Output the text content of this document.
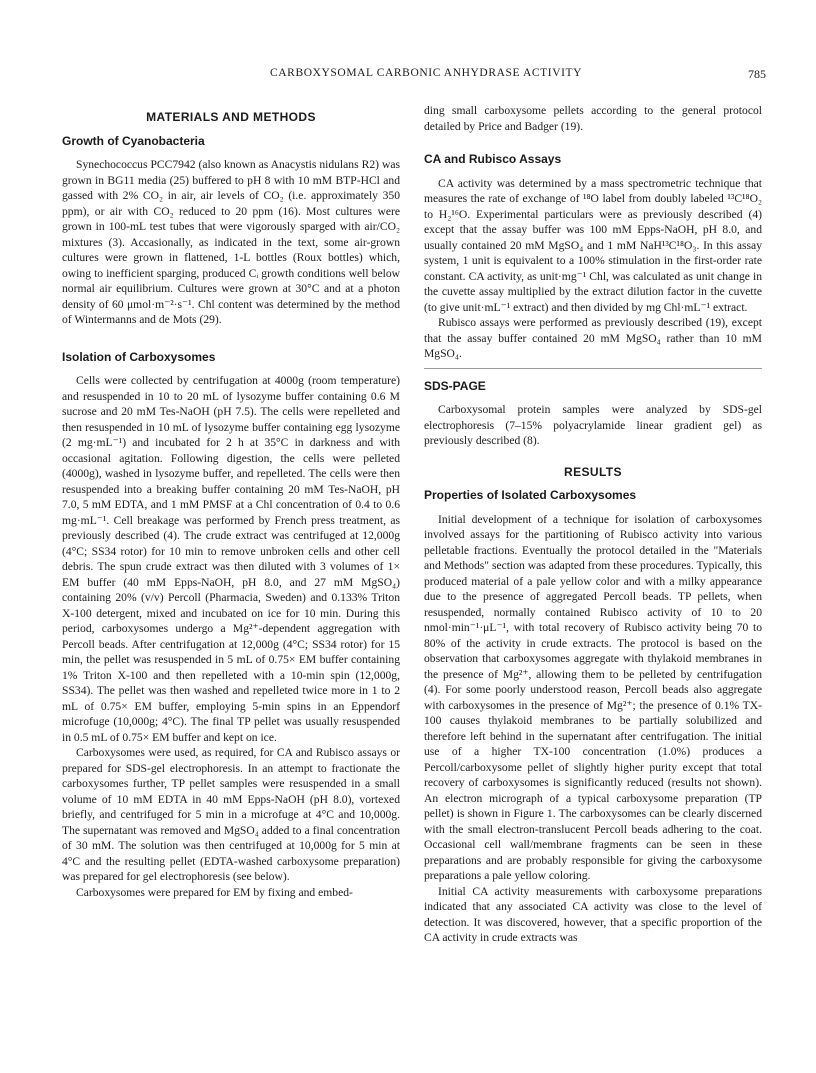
CARBOXYSOMAL CARBONIC ANHYDRASE ACTIVITY	785
MATERIALS AND METHODS
Growth of Cyanobacteria

Synechococcus PCC7942 (also known as Anacystis nidulans R2) was grown in BG11 media (25) buffered to pH 8 with 10 mM BTP-HCl and gassed with 2% CO₂ in air, air levels of CO₂ (i.e. approximately 350 ppm), or air with CO₂ reduced to 20 ppm (16). Most cultures were grown in 100-mL test tubes that were vigorously sparged with air/CO₂ mixtures (3). Accasionally, as indicated in the text, some air-grown cultures were grown in flattened, 1-L bottles (Roux bottles) which, owing to inefficient sparging, produced Cᵢ growth conditions well below normal air equilibrium. Cultures were grown at 30°C and at a photon density of 60 μmol·m⁻²·s⁻¹. Chl content was determined by the method of Wintermanns and de Mots (29).

Isolation of Carboxysomes

Cells were collected by centrifugation at 4000g (room temperature) and resuspended in 10 to 20 mL of lysozyme buffer containing 0.6 M sucrose and 20 mM Tes-NaOH (pH 7.5). The cells were repelleted and then resuspended in 10 mL of lysozyme buffer containing egg lysozyme (2 mg·mL⁻¹) and incubated for 2 h at 35°C in darkness and with occasional agitation. Following digestion, the cells were pelleted (4000g), washed in lysozyme buffer, and repelleted. The cells were then resuspended into a breaking buffer containing 20 mM Tes-NaOH, pH 7.0, 5 mM EDTA, and 1 mM PMSF at a Chl concentration of 0.4 to 0.6 mg·mL⁻¹. Cell breakage was performed by French press treatment, as previously described (4). The crude extract was centrifuged at 12,000g (4°C; SS34 rotor) for 10 min to remove unbroken cells and other cell debris. The spun crude extract was then diluted with 3 volumes of 1× EM buffer (40 mM Epps-NaOH, pH 8.0, and 27 mM MgSO₄) containing 20% (v/v) Percoll (Pharmacia, Sweden) and 0.133% Triton X-100 detergent, mixed and incubated on ice for 10 min. During this period, carboxysomes undergo a Mg²⁺-dependent aggregation with Percoll beads. After centrifugation at 12,000g (4°C; SS34 rotor) for 15 min, the pellet was resuspended in 5 mL of 0.75× EM buffer containing 1% Triton X-100 and then repelleted with a 10-min spin (12,000g, SS34). The pellet was then washed and repelleted twice more in 1 to 2 mL of 0.75× EM buffer, employing 5-min spins in an Eppendorf microfuge (10,000g; 4°C). The final TP pellet was usually resuspended in 0.5 mL of 0.75× EM buffer and kept on ice.

Carboxysomes were used, as required, for CA and Rubisco assays or prepared for SDS-gel electrophoresis. In an attempt to fractionate the carboxysomes further, TP pellet samples were resuspended in a small volume of 10 mM EDTA in 40 mM Epps-NaOH (pH 8.0), vortexed briefly, and centrifuged for 5 min in a microfuge at 4°C and 10,000g. The supernatant was removed and MgSO₄ added to a final concentration of 30 mM. The solution was then centrifuged at 10,000g for 5 min at 4°C and the resulting pellet (EDTA-washed carboxysome preparation) was prepared for gel electrophoresis (see below).

Carboxysomes were prepared for EM by fixing and embed-

ding small carboxysome pellets according to the general protocol detailed by Price and Badger (19).

CA and Rubisco Assays

CA activity was determined by a mass spectrometric technique that measures the rate of exchange of ¹⁸O label from doubly labeled ¹³C¹⁸O₂ to H₂¹⁶O. Experimental particulars were as previously described (4) except that the assay buffer was 100 mM Epps-NaOH, pH 8.0, and usually contained 20 mM MgSO₄ and 1 mM NaH¹³C¹⁸O₃. In this assay system, 1 unit is equivalent to a 100% stimulation in the first-order rate constant. CA activity, as unit·mg⁻¹ Chl, was calculated as unit change in the cuvette assay multiplied by the extract dilution factor in the cuvette (to give unit·mL⁻¹ extract) and then divided by mg Chl·mL⁻¹ extract.

Rubisco assays were performed as previously described (19), except that the assay buffer contained 20 mM MgSO₄ rather than 10 mM MgSO₄.

SDS-PAGE

Carboxysomal protein samples were analyzed by SDS-gel electrophoresis (7–15% polyacrylamide linear gradient gel) as previously described (8).

RESULTS
Properties of Isolated Carboxysomes

Initial development of a technique for isolation of carboxysomes involved assays for the partitioning of Rubisco activity into various pelletable fractions. Eventually the protocol detailed in the "Materials and Methods" section was adapted from these procedures. Typically, this produced material of a pale yellow color and with a milky appearance due to the presence of aggregated Percoll beads. TP pellets, when resuspended, normally contained Rubisco activity of 10 to 20 nmol·min⁻¹·μL⁻¹, with total recovery of Rubisco activity being 70 to 80% of the activity in crude extracts. The protocol is based on the observation that carboxysomes aggregate with thylakoid membranes in the presence of Mg²⁺, allowing them to be pelleted by centrifugation (4). For some poorly understood reason, Percoll beads also aggregate with carboxysomes in the presence of Mg²⁺; the presence of 0.1% TX-100 causes thylakoid membranes to be partially solubilized and therefore left behind in the supernatant after centrifugation. The initial use of a higher TX-100 concentration (1.0%) produces a Percoll/carboxysome pellet of slightly higher purity except that total recovery of carboxysomes is significantly reduced (results not shown). An electron micrograph of a typical carboxysome preparation (TP pellet) is shown in Figure 1. The carboxysomes can be clearly discerned with the small electron-translucent Percoll beads adhering to the coat. Occasional cell wall/membrane fragments can be seen in these preparations and are probably responsible for giving the carboxysome preparations a pale yellow coloring.

Initial CA activity measurements with carboxysome preparations indicated that any associated CA activity was close to the level of detection. It was discovered, however, that a specific proportion of the CA activity in crude extracts was
